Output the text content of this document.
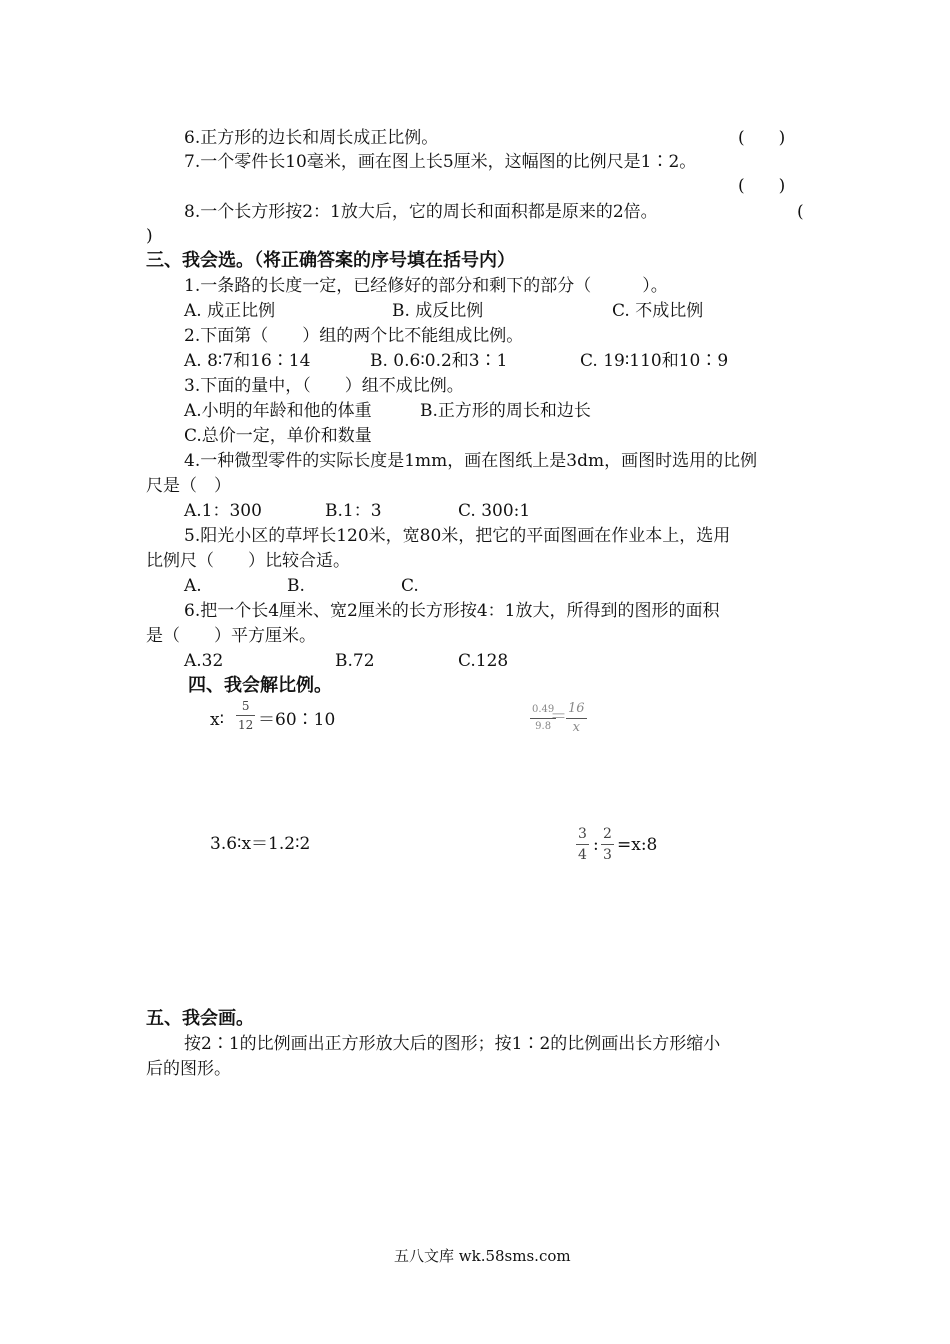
6.正方形的边长和周长成正比例。	(　　)
7.一个零件长10毫米，画在图上长5厘米，这幅图的比例尺是1∶2。
(　　)
8.一个长方形按2：1放大后，它的周长和面积都是原来的2倍。	(
)
三、我会选。（将正确答案的序号填在括号内）
1.一条路的长度一定，已经修好的部分和剩下的部分（　　　）。
A. 成正比例	B. 成反比例	C. 不成比例
2.下面第（　　）组的两个比不能组成比例。
A. 8∶7和16∶14	B. 0.6∶0.2和3∶1	C. 19∶110和10∶9
3.下面的量中，（　　）组不成比例。
A.小明的年龄和他的体重	B.正方形的周长和边长
C.总价一定，单价和数量
4.一种微型零件的实际长度是1mm，画在图纸上是3dm，画图时选用的比例
尺是（　）
A.1：300	B.1：3	C. 300:1
5.阳光小区的草坪长120米，宽80米，把它的平面图画在作业本上，选用
比例尺（　　）比较合适。
A.	B.	C.
6.把一个长4厘米、宽2厘米的长方形按4：1放大，所得到的图形的面积
是（　　）平方厘米。
A.32	B.72	C.128
四、我会解比例。
x∶
5
12 ＝60∶10
0.49
9.8
＝ 16
x
3.6∶x＝1.2∶2	3
4 :
2
3 =x:8
五、我会画。
按2∶1的比例画出正方形放大后的图形；按1∶2的比例画出长方形缩小
后的图形。
五八文库 wk.58sms.com
